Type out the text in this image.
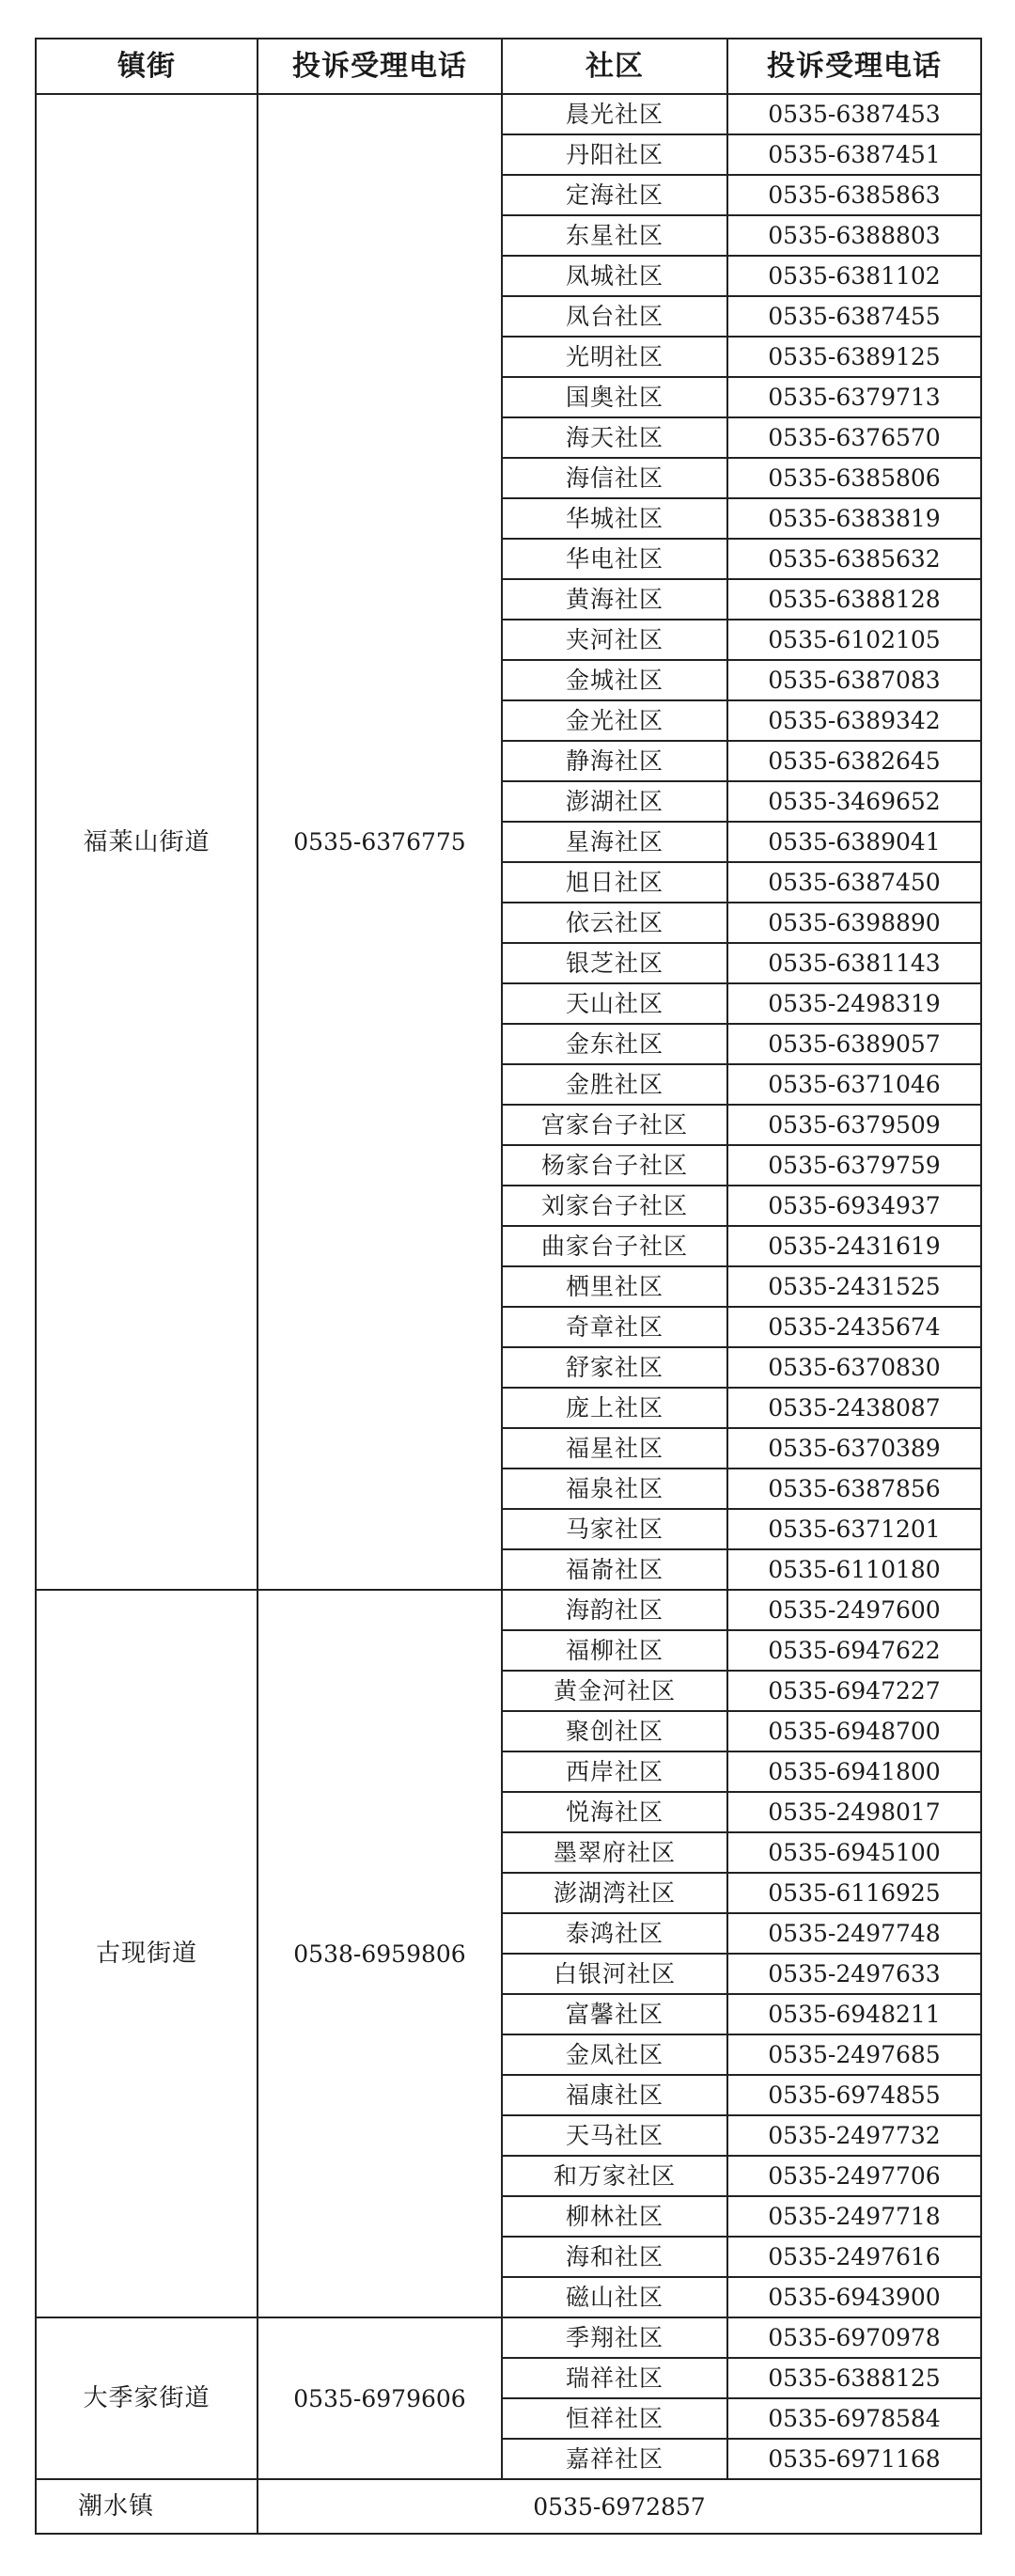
镇街	投诉受理电话	社区	投诉受理电话
福莱山街道	0535-6376775	晨光社区	0535-6387453
		丹阳社区	0535-6387451
		定海社区	0535-6385863
		东星社区	0535-6388803
		凤城社区	0535-6381102
		凤台社区	0535-6387455
		光明社区	0535-6389125
		国奥社区	0535-6379713
		海天社区	0535-6376570
		海信社区	0535-6385806
		华城社区	0535-6383819
		华电社区	0535-6385632
		黄海社区	0535-6388128
		夹河社区	0535-6102105
		金城社区	0535-6387083
		金光社区	0535-6389342
		静海社区	0535-6382645
		澎湖社区	0535-3469652
		星海社区	0535-6389041
		旭日社区	0535-6387450
		依云社区	0535-6398890
		银芝社区	0535-6381143
		天山社区	0535-2498319
		金东社区	0535-6389057
		金胜社区	0535-6371046
		宫家台子社区	0535-6379509
		杨家台子社区	0535-6379759
		刘家台子社区	0535-6934937
		曲家台子社区	0535-2431619
		栖里社区	0535-2431525
		奇章社区	0535-2435674
		舒家社区	0535-6370830
		庞上社区	0535-2438087
		福星社区	0535-6370389
		福泉社区	0535-6387856
		马家社区	0535-6371201
		福嵛社区	0535-6110180
古现街道	0538-6959806	海韵社区	0535-2497600
		福柳社区	0535-6947622
		黄金河社区	0535-6947227
		聚创社区	0535-6948700
		西岸社区	0535-6941800
		悦海社区	0535-2498017
		墨翠府社区	0535-6945100
		澎湖湾社区	0535-6116925
		泰鸿社区	0535-2497748
		白银河社区	0535-2497633
		富馨社区	0535-6948211
		金凤社区	0535-2497685
		福康社区	0535-6974855
		天马社区	0535-2497732
		和万家社区	0535-2497706
		柳林社区	0535-2497718
		海和社区	0535-2497616
		磁山社区	0535-6943900
大季家街道	0535-6979606	季翔社区	0535-6970978
		瑞祥社区	0535-6388125
		恒祥社区	0535-6978584
		嘉祥社区	0535-6971168
潮水镇	0535-6972857		
